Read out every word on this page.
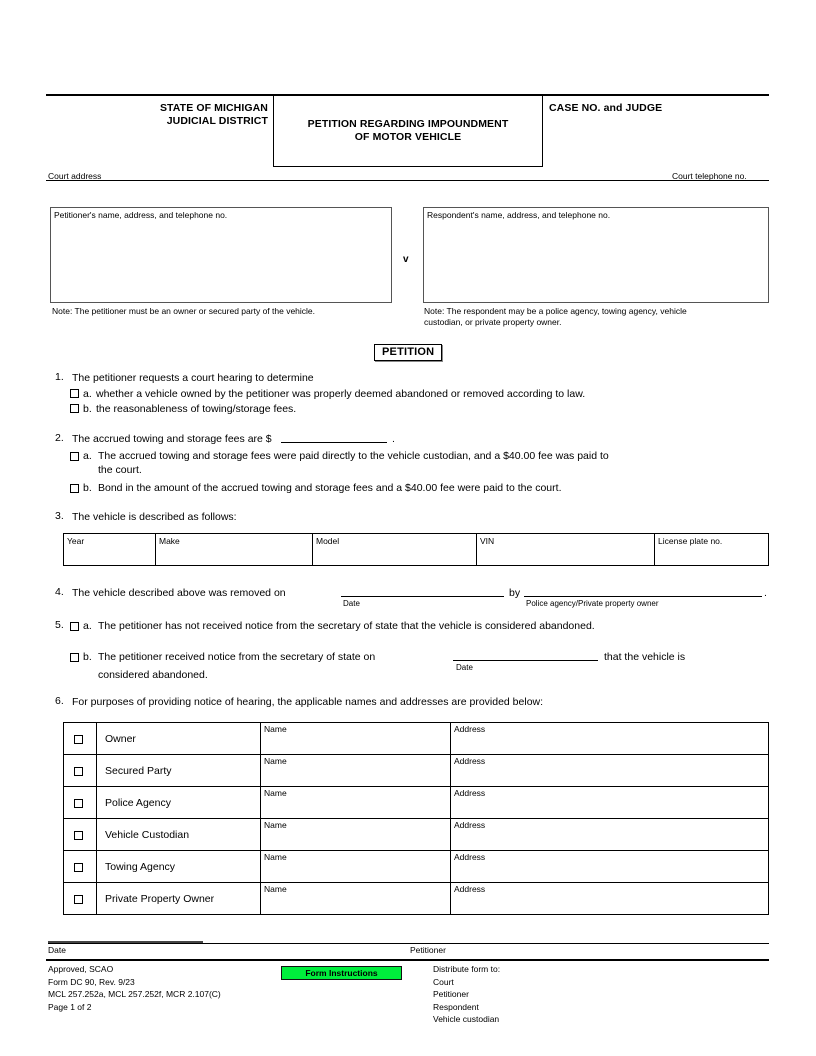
STATE OF MICHIGAN
JUDICIAL DISTRICT	PETITION REGARDING IMPOUNDMENT
OF MOTOR VEHICLE
CASE NO. and JUDGE
Court address	Court telephone no.
Petitioner's name, address, and telephone no.
Note: The petitioner must be an owner or secured party of the vehicle.
v
Respondent's name, address, and telephone no.
Note: The respondent may be a police agency, towing agency, vehicle
custodian, or private property owner.
PETITION
1. The petitioner requests a court hearing to determine
a. whether a vehicle owned by the petitioner was properly deemed abandoned or removed according to law.
b. the reasonableness of towing/storage fees.
2. The accrued towing and storage fees are $	.
a. The accrued towing and storage fees were paid directly to the vehicle custodian, and a $40.00 fee was paid to
the court.
b. Bond in the amount of the accrued towing and storage fees and a $40.00 fee were paid to the court.
3. The vehicle is described as follows:
Year	Make	Model	VIN	License plate no.
4. The vehicle described above was removed on
Date
by
Police agency/Private property owner
.
5. a. The petitioner has not received notice from the secretary of state that the vehicle is considered abandoned.
b. The petitioner received notice from the secretary of state on
Date
that the vehicle is
considered abandoned.
6. For purposes of providing notice of hearing, the applicable names and addresses are provided below:
	Owner	Name	Address
	Secured Party	Name	Address
	Police Agency	Name	Address
	Vehicle Custodian	Name	Address
	Towing Agency	Name	Address
	Private Property Owner	Name	Address
Date	Petitioner
Approved, SCAO
Form DC 90, Rev. 9/23
MCL 257.252a, MCL 257.252f, MCR 2.107(C)
Page 1 of 2
Form Instructions	Distribute form to:
Court
Petitioner
Respondent
Vehicle custodian
